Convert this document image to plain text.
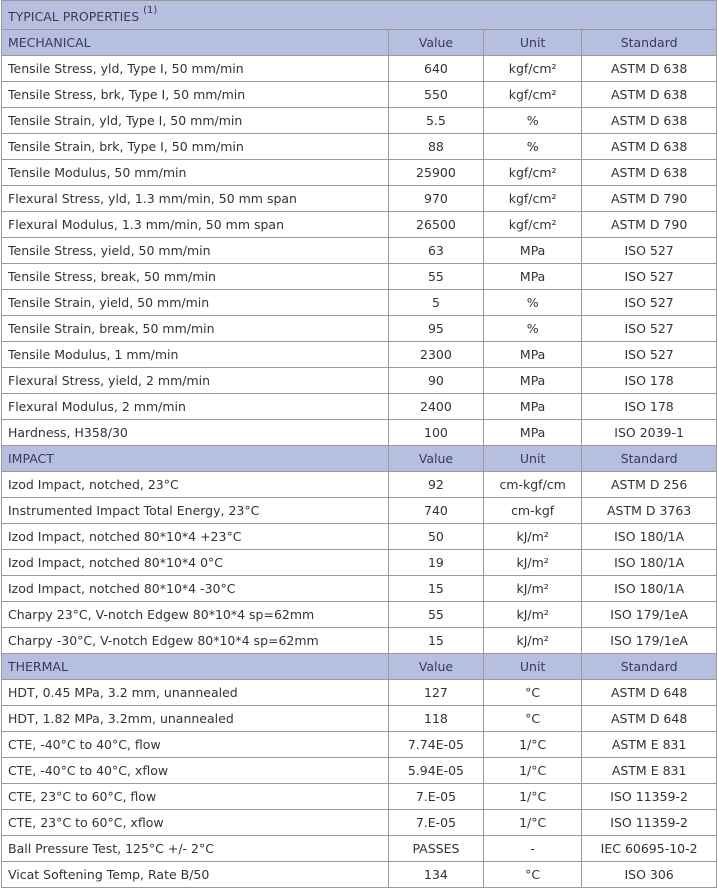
TYPICAL PROPERTIES $^{(1)}$
MECHANICAL	Value	Unit	Standard
Tensile Stress, yld, Type I, 50 mm/min	640	kgf/cm²	ASTM D 638
Tensile Stress, brk, Type I, 50 mm/min	550	kgf/cm²	ASTM D 638
Tensile Strain, yld, Type I, 50 mm/min	5.5	%	ASTM D 638
Tensile Strain, brk, Type I, 50 mm/min	88	%	ASTM D 638
Tensile Modulus, 50 mm/min	25900	kgf/cm²	ASTM D 638
Flexural Stress, yld, 1.3 mm/min, 50 mm span	970	kgf/cm²	ASTM D 790
Flexural Modulus, 1.3 mm/min, 50 mm span	26500	kgf/cm²	ASTM D 790
Tensile Stress, yield, 50 mm/min	63	MPa	ISO 527
Tensile Stress, break, 50 mm/min	55	MPa	ISO 527
Tensile Strain, yield, 50 mm/min	5	%	ISO 527
Tensile Strain, break, 50 mm/min	95	%	ISO 527
Tensile Modulus, 1 mm/min	2300	MPa	ISO 527
Flexural Stress, yield, 2 mm/min	90	MPa	ISO 178
Flexural Modulus, 2 mm/min	2400	MPa	ISO 178
Hardness, H358/30	100	MPa	ISO 2039-1
IMPACT	Value	Unit	Standard
Izod Impact, notched, 23°C	92	cm-kgf/cm	ASTM D 256
Instrumented Impact Total Energy, 23°C	740	cm-kgf	ASTM D 3763
Izod Impact, notched 80*10*4 +23°C	50	kJ/m²	ISO 180/1A
Izod Impact, notched 80*10*4 0°C	19	kJ/m²	ISO 180/1A
Izod Impact, notched 80*10*4 -30°C	15	kJ/m²	ISO 180/1A
Charpy 23°C, V-notch Edgew 80*10*4 sp=62mm	55	kJ/m²	ISO 179/1eA
Charpy -30°C, V-notch Edgew 80*10*4 sp=62mm	15	kJ/m²	ISO 179/1eA
THERMAL	Value	Unit	Standard
HDT, 0.45 MPa, 3.2 mm, unannealed	127	°C	ASTM D 648
HDT, 1.82 MPa, 3.2mm, unannealed	118	°C	ASTM D 648
CTE, -40°C to 40°C, flow	7.74E-05	1/°C	ASTM E 831
CTE, -40°C to 40°C, xflow	5.94E-05	1/°C	ASTM E 831
CTE, 23°C to 60°C, flow	7.E-05	1/°C	ISO 11359-2
CTE, 23°C to 60°C, xflow	7.E-05	1/°C	ISO 11359-2
Ball Pressure Test, 125°C +/- 2°C	PASSES	-	IEC 60695-10-2
Vicat Softening Temp, Rate B/50	134	°C	ISO 306
